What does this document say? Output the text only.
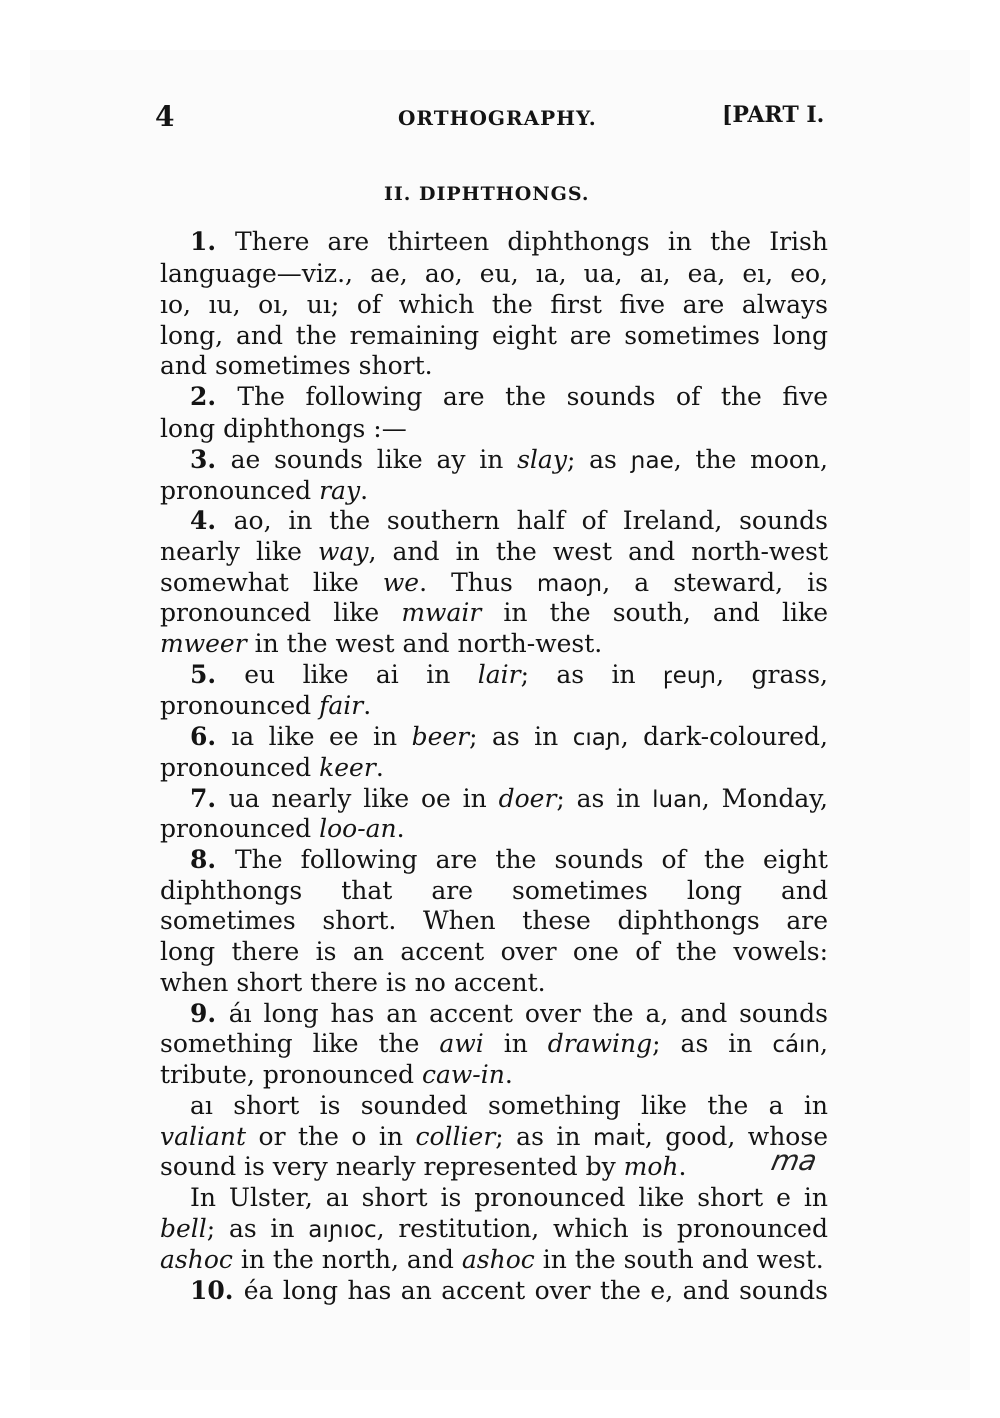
4	ORTHOGRAPHY.	[PART I.
II. DIPHTHONGS.
1. There are thirteen diphthongs in the Irish
language—viz., ae, ao, eu, ıa, ua, aı, ea, eı, eo,
ıo, ıu, oı, uı; of which the first five are always
long, and the remaining eight are sometimes long
and sometimes short.
2. The following are the sounds of the five
long diphthongs :—
3. ae sounds like ay in slay; as ɲae, the moon,
pronounced ray.
4. ao, in the southern half of Ireland, sounds
nearly like way, and in the west and north-west
somewhat like we. Thus maoɲ, a steward, is
pronounced like mwair in the south, and like
mweer in the west and north-west.
5. eu like ai in lair; as in ꝼeuɲ, grass,
pronounced fair.
6. ıa like ee in beer; as in cıaɲ, dark-coloured,
pronounced keer.
7. ua nearly like oe in doer; as in luan, Monday,
pronounced loo-an.
8. The following are the sounds of the eight
diphthongs that are sometimes long and
sometimes short. When these diphthongs are
long there is an accent over one of the vowels:
when short there is no accent.
9. áı long has an accent over the a, and sounds
something like the awi in drawing; as in cáın,
tribute, pronounced caw-in.
aı short is sounded something like the a in
valiant or the o in collier; as in maıṫ, good, whose
sound is very nearly represented by moh.
In Ulster, aı short is pronounced like short e in
bell; as in aıɲıoc, restitution, which is pronounced
ashoc in the north, and ashoc in the south and west.
10. éa long has an accent over the e, and sounds
ma
